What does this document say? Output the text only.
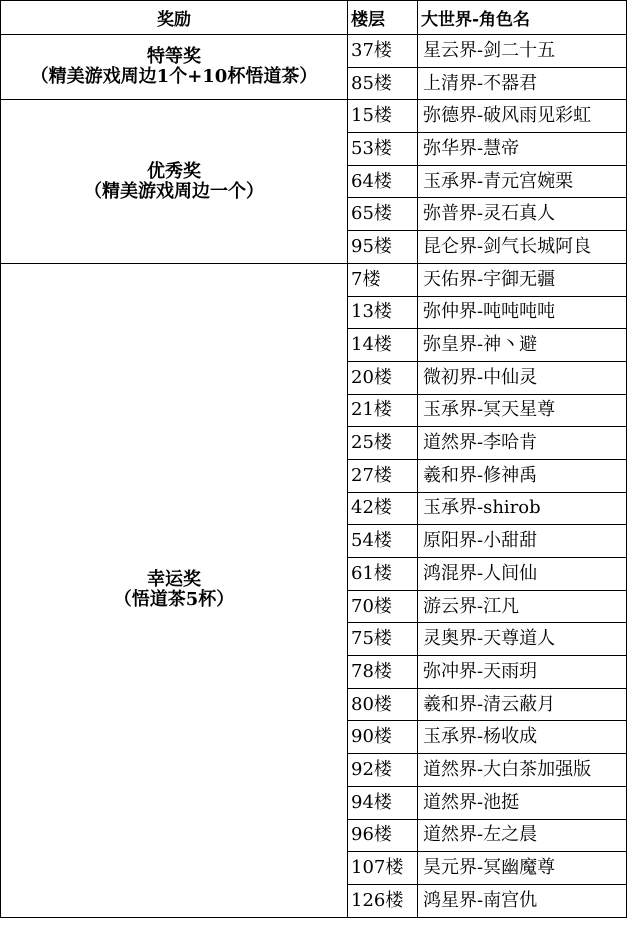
奖励	楼层	大世界-角色名

特等奖
（精美游戏周边1个+10杯悟道茶）	37楼	星云界-剑二十五
	85楼	上清界-不器君

优秀奖
（精美游戏周边一个）	15楼	弥德界-破风雨见彩虹
	53楼	弥华界-慧帝
	64楼	玉承界-青元宫婉栗
	65楼	弥普界-灵石真人
	95楼	昆仑界-剑气长城阿良

幸运奖
（悟道茶5杯）	7楼	天佑界-宇御无疆
	13楼	弥仲界-吨吨吨吨
	14楼	弥皇界-神丶避
	20楼	微初界-中仙灵
	21楼	玉承界-冥天星尊
	25楼	道然界-李哈肯
	27楼	羲和界-修神禹
	42楼	玉承界-shirob
	54楼	原阳界-小甜甜
	61楼	鸿混界-人间仙
	70楼	游云界-江凡
	75楼	灵奥界-天尊道人
	78楼	弥冲界-天雨玥
	80楼	羲和界-清云蔽月
	90楼	玉承界-杨收成
	92楼	道然界-大白茶加强版
	94楼	道然界-池挺
	96楼	道然界-左之晨
	107楼	昊元界-冥幽魔尊
	126楼	鸿星界-南宫仇
